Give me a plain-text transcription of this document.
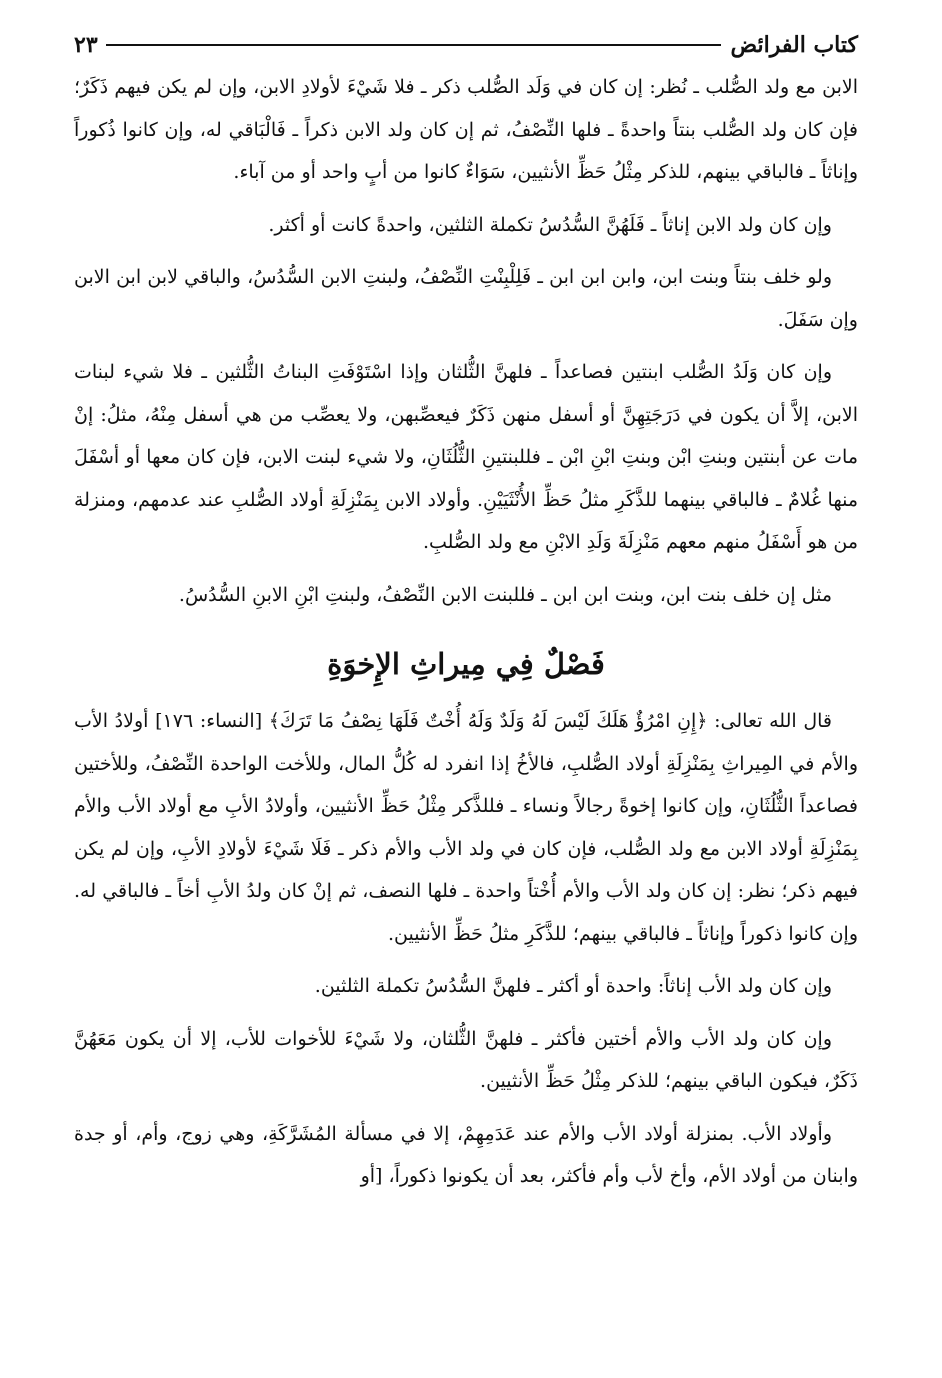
كتاب الفرائض
٢٣

الابن مع ولد الصُّلب ـ نُظر: إن كان في وَلَد الصُّلب ذكر ـ فلا شَيْءَ لأولادِ الابن، وإن لم يكن فيهم ذَكَرٌ؛ فإن كان ولد الصُّلب بنتاً واحدةً ـ فلها النِّصْفُ، ثم إن كان ولد الابن ذكراً ـ فَالْبَاقي له، وإن كانوا ذُكوراً وإناثاً ـ فالباقي بينهم، للذكر مِثْلُ حَظِّ الأنثيين، سَوَاءٌ كانوا من أبٍ واحد أو من آباء.

وإن كان ولد الابن إناثاً ـ فَلَهُنَّ السُّدُسُ تكملة الثلثين، واحدةً كانت أو أكثر.

ولو خلف بنتاً وبنت ابن، وابن ابن ابن ـ فَلِلْبِنْتِ النِّصْفُ، ولبنتِ الابن السُّدُسُ، والباقي لابن ابن الابن وإن سَفَلَ.

وإن كان وَلَدُ الصُّلب ابنتين فصاعداً ـ فلهنَّ الثُّلثان وإذا اسْتَوْفَتِ البناتُ الثُّلثين ـ فلا شيء لبنات الابن، إلاَّ أن يكون في دَرَجَتِهِنَّ أو أسفل منهن ذَكَرٌ فيعصِّبهن، ولا يعصِّب من هي أسفل مِنْهُ، مثلُ: إنْ مات عن أبنتين وبنتِ ابْن وبنتِ ابْنِ ابْن ـ فللبنتينِ الثُّلُثَانِ، ولا شيء لبنت الابن، فإن كان معها أو أسْفَلَ منها غُلامٌ ـ فالباقي بينهما للذَّكَرِ مثلُ حَظِّ الأُنْثَيَيْنِ. وأولاد الابن بِمَنْزِلَةِ أولاد الصُّلبِ عند عدمهم، ومنزلة من هو أَسْفَلُ منهم معهم مَنْزِلَةَ وَلَدِ الابْنِ مع ولد الصُّلبِ.

مثل إن خلف بنت ابن، وبنت ابن ابن ـ فللبنت الابن النِّصْفُ، ولبنتِ ابْنِ الابنِ السُّدُسُ.

فَصْلٌ فِي مِيراثِ الإِخوَةِ

قال الله تعالى: ﴿إِنِ امْرُؤٌ هَلَكَ لَيْسَ لَهُ وَلَدٌ وَلَهُ أُخْتٌ فَلَهَا نِصْفُ مَا تَرَكَ﴾ [النساء: ١٧٦] أولادُ الأب والأم في المِيراثِ بِمَنْزِلَةِ أولاد الصُّلبِ، فالأخُ إذا انفرد له كُلُّ المال، وللأخت الواحدة النِّصْفُ، وللأختين فصاعداً الثُّلُثَانِ، وإن كانوا إخوةً رجالاً ونساء ـ فللذَّكر مِثْلُ حَظِّ الأنثيين، وأولادُ الأبِ مع أولاد الأب والأم بِمَنْزِلَةِ أولاد الابن مع ولد الصُّلب، فإن كان في ولد الأب والأم ذكر ـ فَلَا شَيْءَ لأولادِ الأبِ، وإن لم يكن فيهم ذكر؛ نظر: إن كان ولد الأب والأم أُخْتاً واحدة ـ فلها النصف، ثم إنْ كان ولدُ الأبِ أخاً ـ فالباقي له. وإن كانوا ذكوراً وإناثاً ـ فالباقي بينهم؛ للذَّكَرِ مثلُ حَظِّ الأنثيين.

وإن كان ولد الأب إناثاً: واحدة أو أكثر ـ فلهنَّ السُّدُسُ تكملة الثلثين.

وإن كان ولد الأب والأم أختين فأكثر ـ فلهنَّ الثُّلثان، ولا شَيْءَ للأخوات للأب، إلا أن يكون مَعَهُنَّ ذَكَرٌ، فيكون الباقي بينهم؛ للذكر مِثْلُ حَظِّ الأنثيين.

وأولاد الأب. بمنزلة أولاد الأب والأم عند عَدَمِهِمْ، إلا في مسألة المُشَرَّكَةِ، وهي زوج، وأم، أو جدة وابنان من أولاد الأم، وأخ لأب وأم فأكثر، بعد أن يكونوا ذكوراً، [أو
